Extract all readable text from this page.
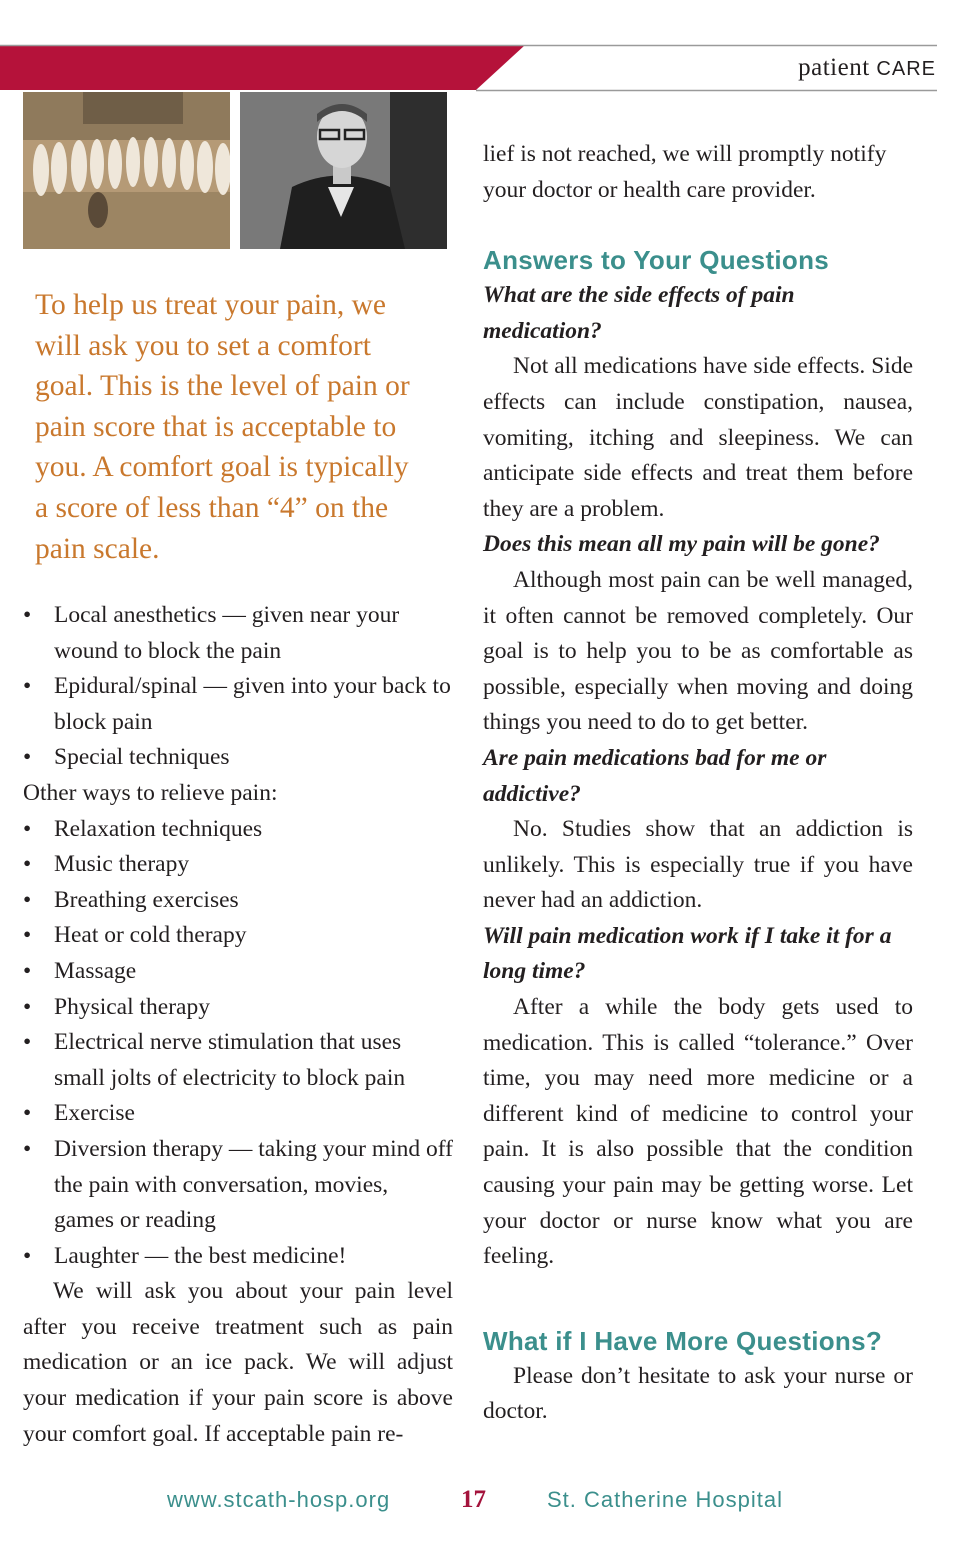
patient CARE
To help us treat your pain, we will ask you to set a comfort goal. This is the level of pain or pain score that is acceptable to you. A comfort goal is typically a score of less than “4” on the pain scale.
• Local anesthetics — given near your wound to block the pain
• Epidural/spinal — given into your back to block pain
• Special techniques

Other ways to relieve pain:

• Relaxation techniques
• Music therapy
• Breathing exercises
• Heat or cold therapy
• Massage
• Physical therapy
• Electrical nerve stimulation that uses small jolts of electricity to block pain
• Exercise
• Diversion therapy — taking your mind off the pain with conversation, movies, games or reading
• Laughter — the best medicine!

We will ask you about your pain level after you receive treatment such as pain medication or an ice pack. We will adjust your medication if your pain score is above your comfort goal. If acceptable pain re-

lief is not reached, we will promptly notify your doctor or health care provider.

Answers to Your Questions

What are the side effects of pain medication?

Not all medications have side effects. Side effects can include constipation, nausea, vomiting, itching and sleepiness. We can anticipate side effects and treat them before they are a problem.

Does this mean all my pain will be gone?

Although most pain can be well managed, it often cannot be removed completely. Our goal is to help you to be as comfortable as possible, especially when moving and doing things you need to do to get better.

Are pain medications bad for me or addictive?

No. Studies show that an addiction is unlikely. This is especially true if you have never had an addiction.

Will pain medication work if I take it for a long time?

After a while the body gets used to medication. This is called “tolerance.” Over time, you may need more medicine or a different kind of medicine to control your pain. It is also possible that the condition causing your pain may be getting worse. Let your doctor or nurse know what you are feeling.

What if I Have More Questions?

Please don’t hesitate to ask your nurse or doctor.

www.stcath-hosp.org	17	St. Catherine Hospital
